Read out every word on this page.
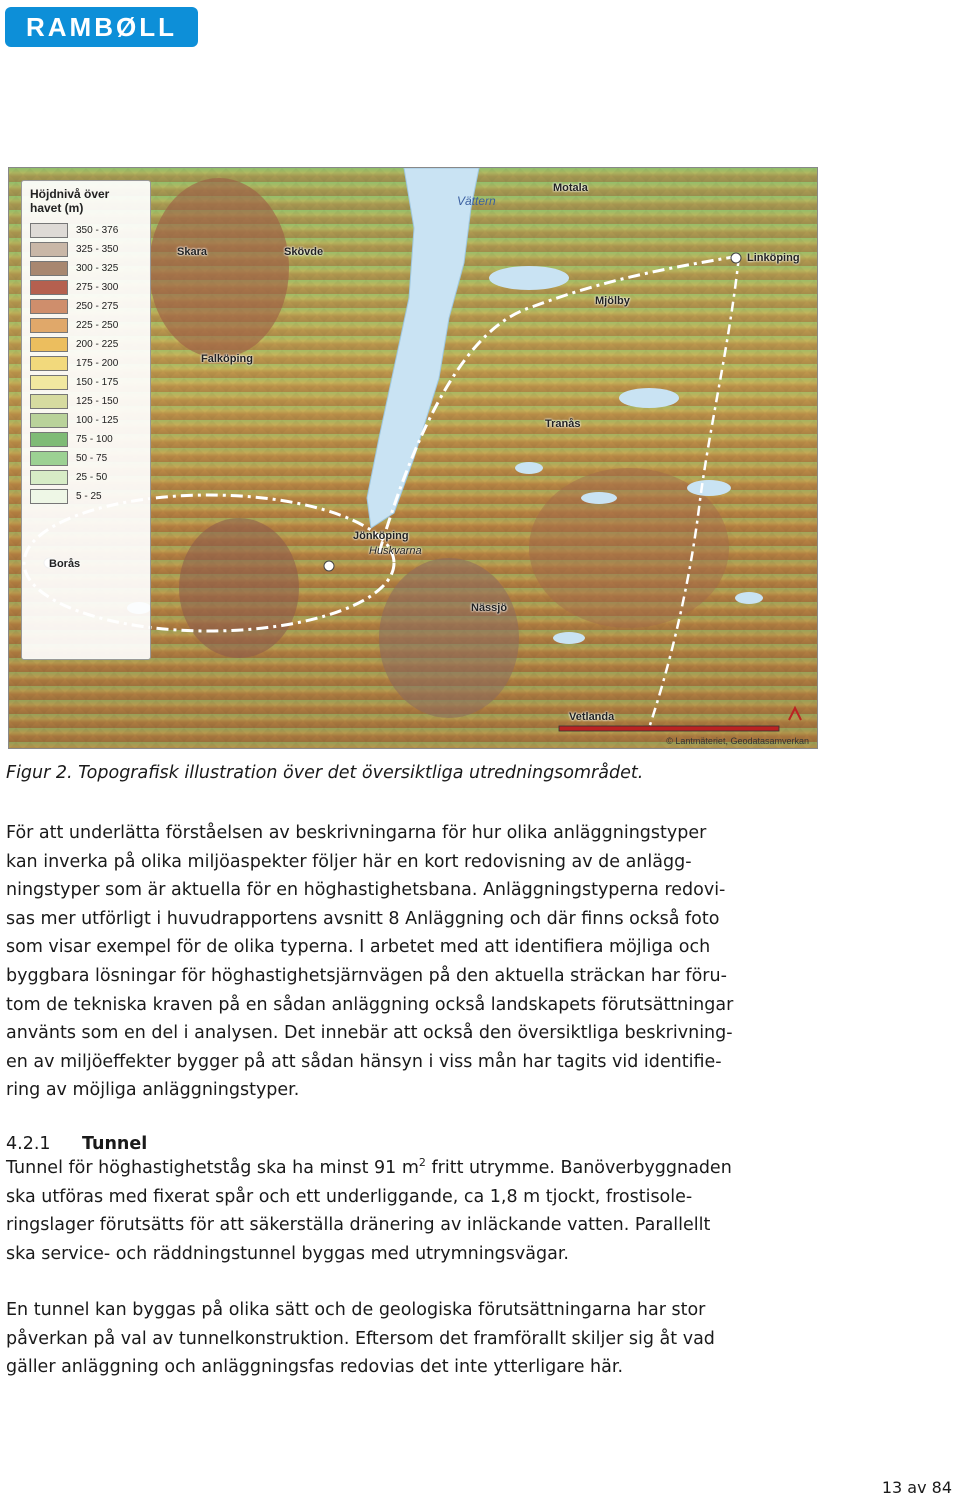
RAMBØLL
Höjdnivå över havet (m)
350 - 376
325 - 350
300 - 325
275 - 300
250 - 275
225 - 250
200 - 225
175 - 200
150 - 175
125 - 150
100 - 125
75 - 100
50 - 75
25 - 50
5 - 25
Vättern
Motala
Skara	Skövde	Linköping
Mjölby
Falköping
Tranås
Jönköping
Huskvarna
Borås
Nässjö
Vetlanda
© Lantmäteriet, Geodatasamverkan
Figur 2. Topografisk illustration över det översiktliga utredningsområdet.
För att underlätta förståelsen av beskrivningarna för hur olika anläggningstyper
kan inverka på olika miljöaspekter följer här en kort redovisning av de anlägg-
ningstyper som är aktuella för en höghastighetsbana. Anläggningstyperna redovi-
sas mer utförligt i huvudrapportens avsnitt 8 Anläggning och där finns också foto
som visar exempel för de olika typerna. I arbetet med att identifiera möjliga och
byggbara lösningar för höghastighetsjärnvägen på den aktuella sträckan har föru-
tom de tekniska kraven på en sådan anläggning också landskapets förutsättningar
använts som en del i analysen. Det innebär att också den översiktliga beskrivning-
en av miljöeffekter bygger på att sådan hänsyn i viss mån har tagits vid identifie-
ring av möjliga anläggningstyper.
4.2.1 Tunnel
Tunnel för höghastighetståg ska ha minst 91 $m^2$ fritt utrymme. Banöverbyggnaden
ska utföras med fixerat spår och ett underliggande, ca 1,8 m tjockt, frostisole-
ringslager förutsätts för att säkerställa dränering av inläckande vatten. Parallellt
ska service- och räddningstunnel byggas med utrymningsvägar.
En tunnel kan byggas på olika sätt och de geologiska förutsättningarna har stor
påverkan på val av tunnelkonstruktion. Eftersom det framförallt skiljer sig åt vad
gäller anläggning och anläggningsfas redovias det inte ytterligare här.
13 av 84
